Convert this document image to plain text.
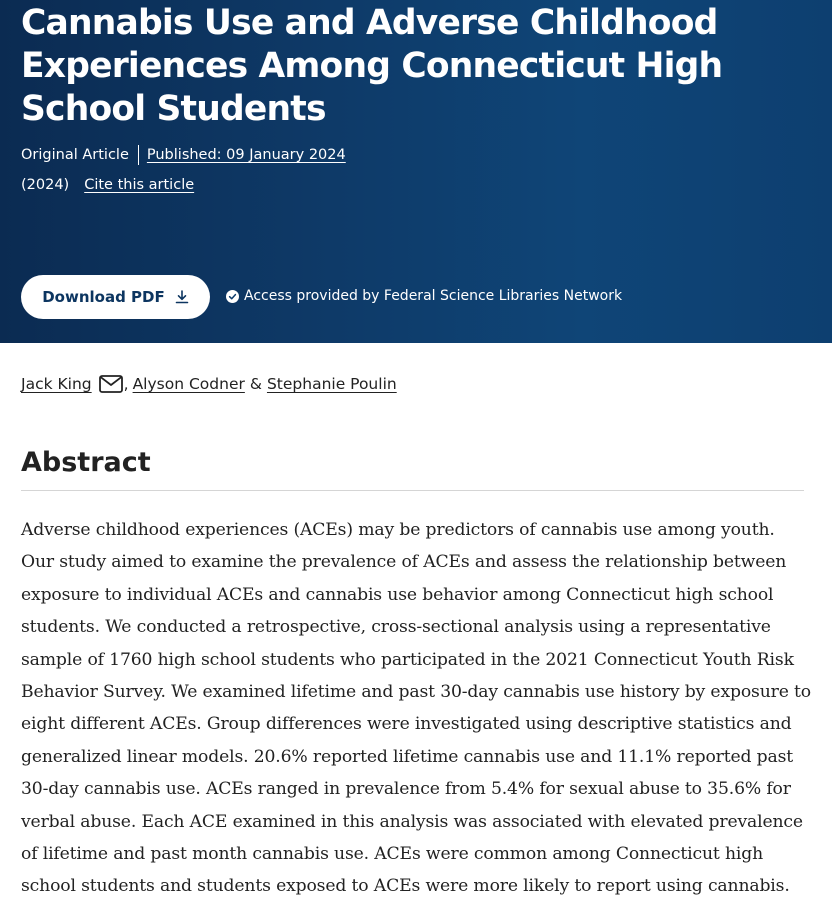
Cannabis Use and Adverse Childhood Experiences Among Connecticut High School Students
Original Article Published: 09 January 2024
(2024) Cite this article
Download PDF	Access provided by Federal Science Libraries Network
Jack King , Alyson Codner & Stephanie Poulin
Abstract

Adverse childhood experiences (ACEs) may be predictors of cannabis use among youth. Our study aimed to examine the prevalence of ACEs and assess the relationship between exposure to individual ACEs and cannabis use behavior among Connecticut high school students. We conducted a retrospective, cross-sectional analysis using a representative sample of 1760 high school students who participated in the 2021 Connecticut Youth Risk Behavior Survey. We examined lifetime and past 30-day cannabis use history by exposure to eight different ACEs. Group differences were investigated using descriptive statistics and generalized linear models. 20.6% reported lifetime cannabis use and 11.1% reported past 30-day cannabis use. ACEs ranged in prevalence from 5.4% for sexual abuse to 35.6% for verbal abuse. Each ACE examined in this analysis was associated with elevated prevalence of lifetime and past month cannabis use. ACEs were common among Connecticut high school students and students exposed to ACEs were more likely to report using cannabis.
